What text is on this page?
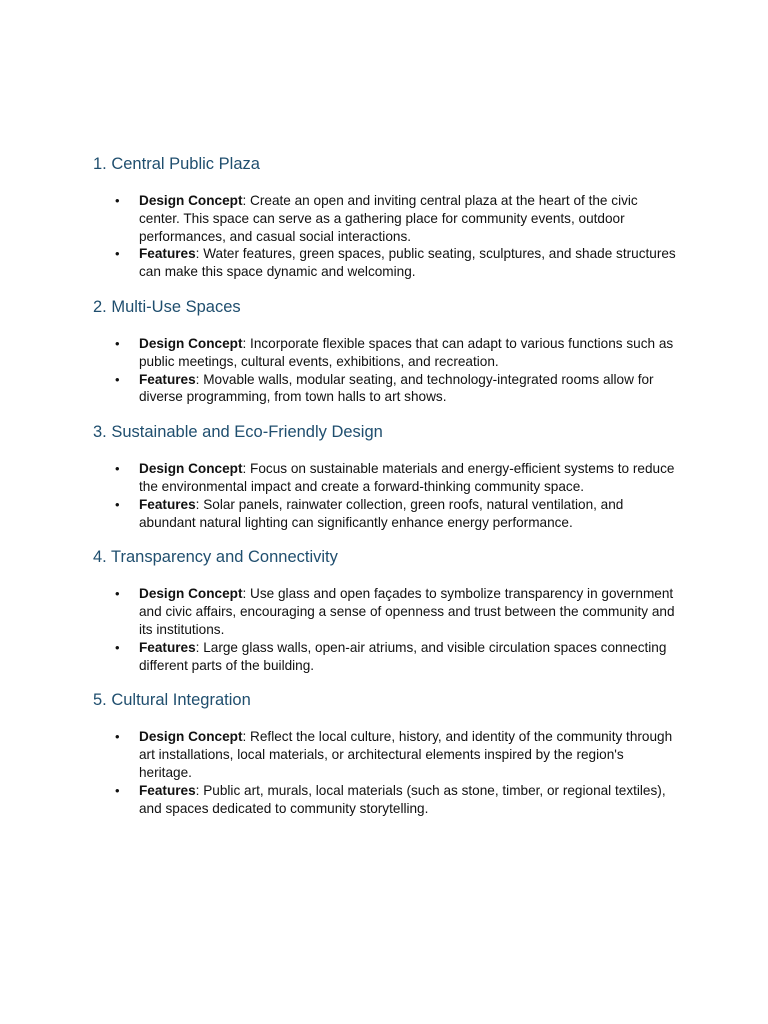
1. Central Public Plaza
• Design Concept: Create an open and inviting central plaza at the heart of the civic center. This space can serve as a gathering place for community events, outdoor performances, and casual social interactions.
• Features: Water features, green spaces, public seating, sculptures, and shade structures can make this space dynamic and welcoming.
2. Multi-Use Spaces
• Design Concept: Incorporate flexible spaces that can adapt to various functions such as public meetings, cultural events, exhibitions, and recreation.
• Features: Movable walls, modular seating, and technology-integrated rooms allow for diverse programming, from town halls to art shows.
3. Sustainable and Eco-Friendly Design
• Design Concept: Focus on sustainable materials and energy-efficient systems to reduce the environmental impact and create a forward-thinking community space.
• Features: Solar panels, rainwater collection, green roofs, natural ventilation, and abundant natural lighting can significantly enhance energy performance.
4. Transparency and Connectivity
• Design Concept: Use glass and open façades to symbolize transparency in government and civic affairs, encouraging a sense of openness and trust between the community and its institutions.
• Features: Large glass walls, open-air atriums, and visible circulation spaces connecting different parts of the building.
5. Cultural Integration
• Design Concept: Reflect the local culture, history, and identity of the community through art installations, local materials, or architectural elements inspired by the region's heritage.
• Features: Public art, murals, local materials (such as stone, timber, or regional textiles), and spaces dedicated to community storytelling.
